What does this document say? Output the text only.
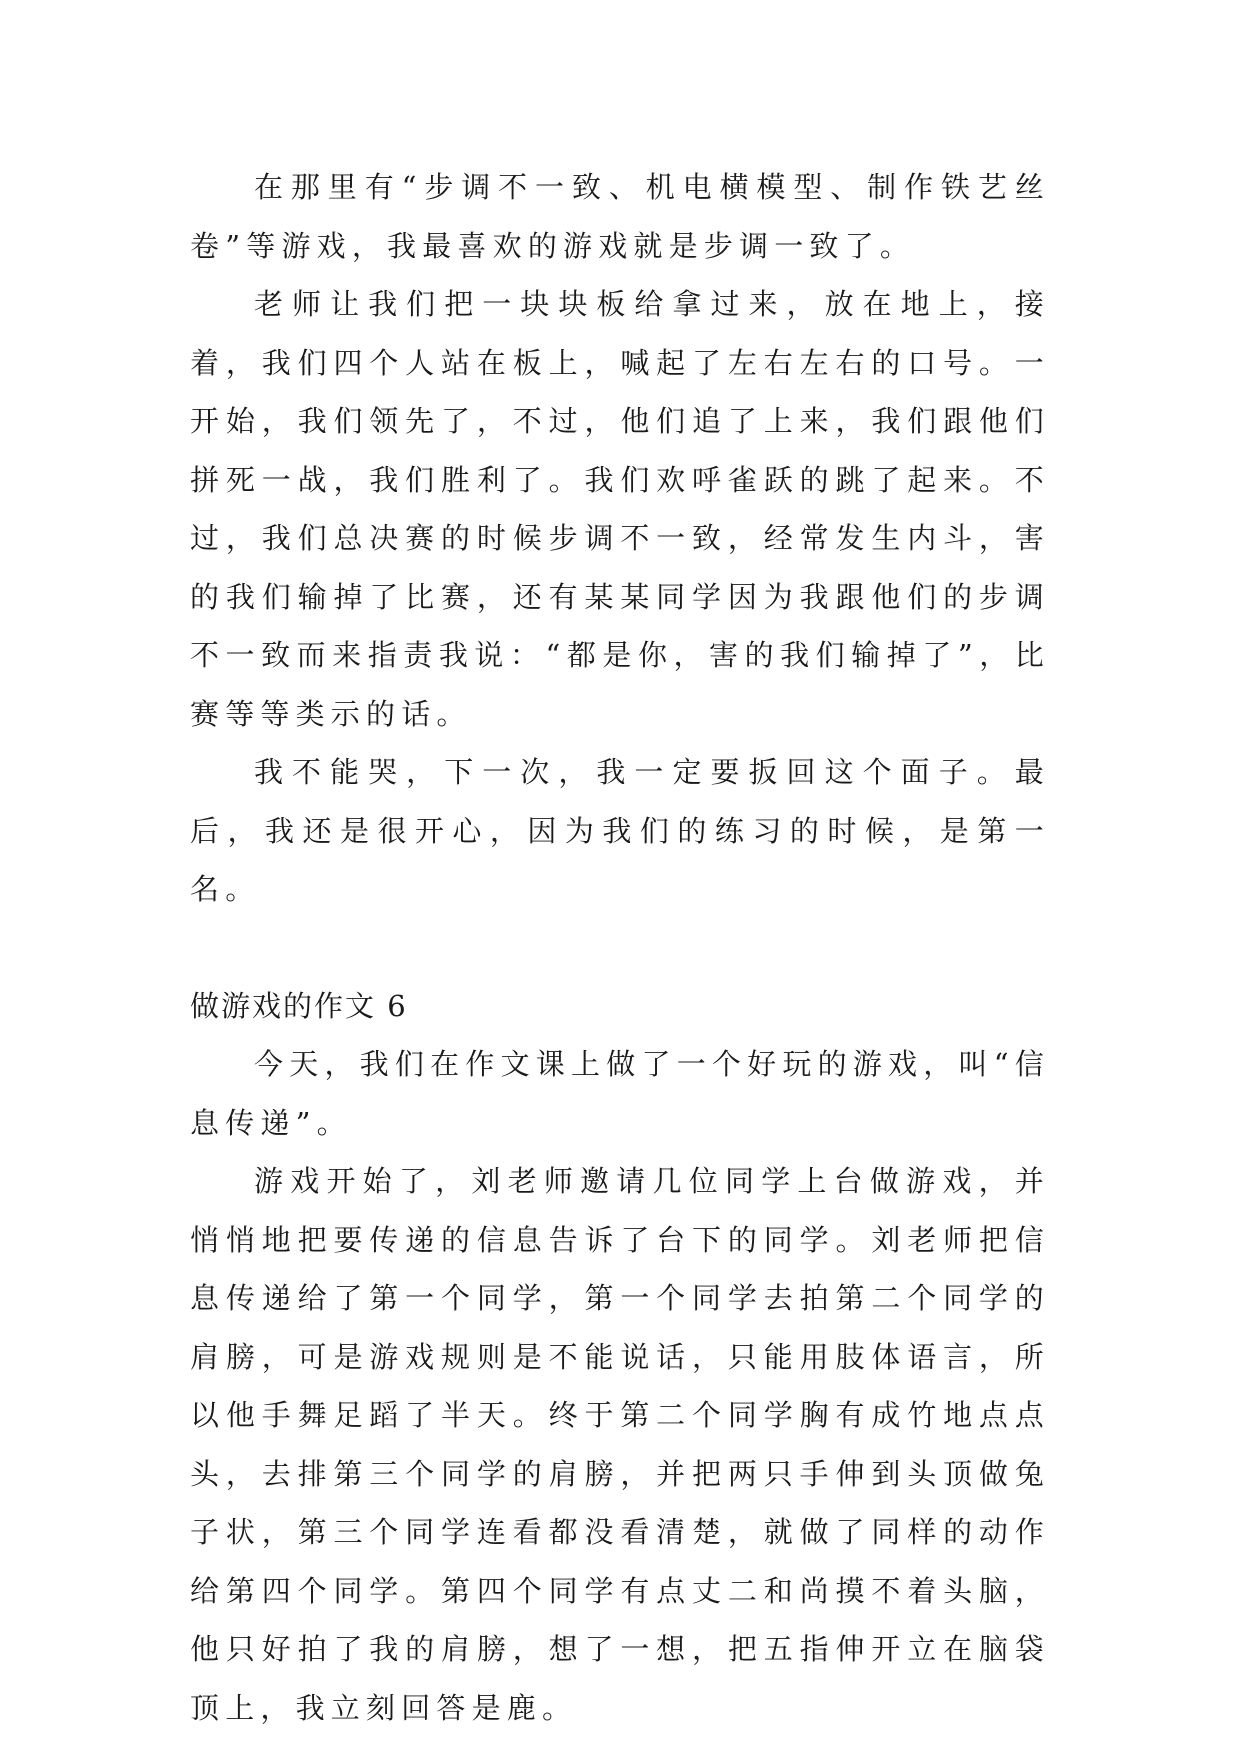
在那里有“步调不一致、机电横模型、制作铁艺丝卷”等游戏，我最喜欢的游戏就是步调一致了。

老师让我们把一块块板给拿过来，放在地上，接着，我们四个人站在板上，喊起了左右左右的口号。一开始，我们领先了，不过，他们追了上来，我们跟他们拼死一战，我们胜利了。我们欢呼雀跃的跳了起来。不过，我们总决赛的时候步调不一致，经常发生内斗，害的我们输掉了比赛，还有某某同学因为我跟他们的步调不一致而来指责我说：“都是你，害的我们输掉了”，比赛等等类示的话。

我不能哭，下一次，我一定要扳回这个面子。最后，我还是很开心，因为我们的练习的时候，是第一名。

做游戏的作文 6

今天，我们在作文课上做了一个好玩的游戏，叫“信息传递”。

游戏开始了，刘老师邀请几位同学上台做游戏，并悄悄地把要传递的信息告诉了台下的同学。刘老师把信息传递给了第一个同学，第一个同学去拍第二个同学的肩膀，可是游戏规则是不能说话，只能用肢体语言，所以他手舞足蹈了半天。终于第二个同学胸有成竹地点点头，去排第三个同学的肩膀，并把两只手伸到头顶做兔子状，第三个同学连看都没看清楚，就做了同样的动作给第四个同学。第四个同学有点丈二和尚摸不着头脑，他只好拍了我的肩膀，想了一想，把五指伸开立在脑袋顶上，我立刻回答是鹿。
